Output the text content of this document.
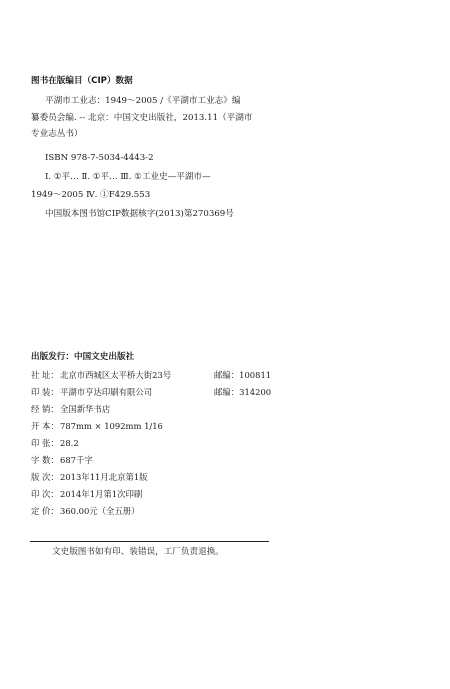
图书在版编目（CIP）数据
平湖市工业志：1949～2005 /《平湖市工业志》编
纂委员会编. -- 北京：中国文史出版社，2013.11（平湖市
专业志丛书）
ISBN 978-7-5034-4443-2
Ⅰ. ①平… Ⅱ. ①平… Ⅲ. ①工业史—平湖市—
1949～2005 Ⅳ. ①F429.553
中国版本图书馆CIP数据核字(2013)第270369号
出版发行：中国文史出版社
社 址：北京市西城区太平桥大街23号	邮编：100811
印 装：平湖市亨达印刷有限公司	邮编：314200
经 销：全国新华书店
开 本：787mm × 1092mm 1/16
印 张：28.2
字 数：687千字
版 次：2013年11月北京第1版
印 次：2014年1月第1次印刷
定 价：360.00元（全五册）
文史版图书如有印、装错误，工厂负责退换。
